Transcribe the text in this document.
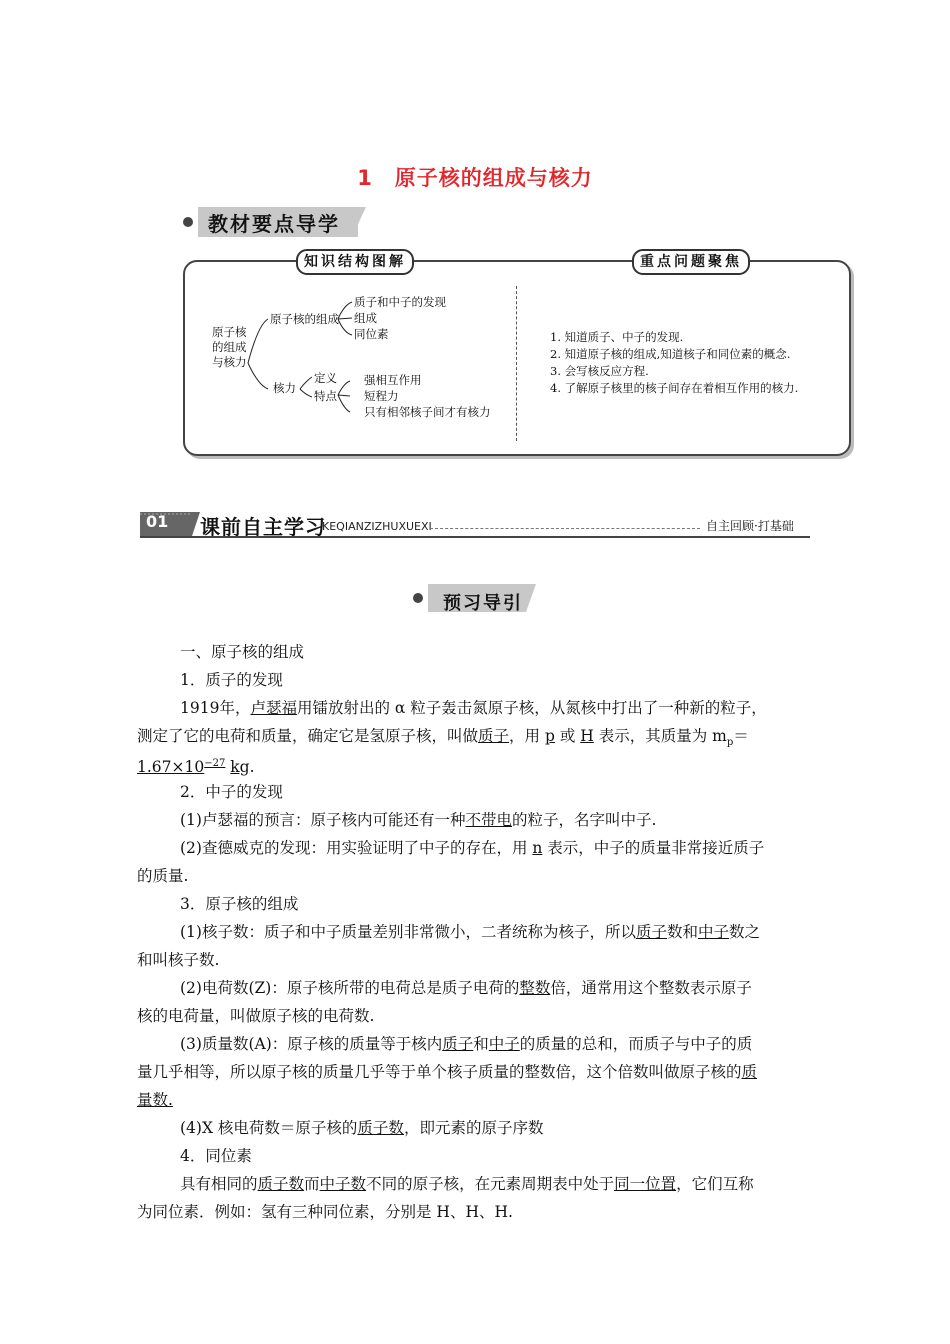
1　原子核的组成与核力
教材要点导学
知识结构图解	重点问题聚焦
原子核
的组成
与核力
原子核的组成
质子和中子的发现
组成
同位素
核力
定义
特点
强相互作用
短程力
只有相邻核子间才有核力
1. 知道质子、中子的发现.
2. 知道原子核的组成,知道核子和同位素的概念.
3. 会写核反应方程.
4. 了解原子核里的核子间存在着相互作用的核力.
01 课前自主学习
KEQIANZIZHUXUEXI	自主回顾·打基础
预习导引
一、原子核的组成
1．质子的发现
1919年，卢瑟福用镭放射出的 α 粒子轰击氮原子核，从氮核中打出了一种新的粒子，
测定了它的电荷和质量，确定它是氢原子核，叫做质子，用 p 或 H 表示，其质量为 $m_p=$
$1.67\times 10^{-27}$ kg.
2．中子的发现
(1)卢瑟福的预言：原子核内可能还有一种不带电的粒子，名字叫中子.
(2)查德威克的发现：用实验证明了中子的存在，用 n 表示，中子的质量非常接近质子
的质量.
3．原子核的组成
(1)核子数：质子和中子质量差别非常微小，二者统称为核子，所以质子数和中子数之
和叫核子数.
(2)电荷数(Z)：原子核所带的电荷总是质子电荷的整数倍，通常用这个整数表示原子
核的电荷量，叫做原子核的电荷数.
(3)质量数(A)：原子核的质量等于核内质子和中子的质量的总和，而质子与中子的质
量几乎相等，所以原子核的质量几乎等于单个核子质量的整数倍，这个倍数叫做原子核的质
量数.
(4)X 核电荷数＝原子核的质子数，即元素的原子序数
4．同位素
具有相同的质子数而中子数不同的原子核，在元素周期表中处于同一位置，它们互称
为同位素．例如：氢有三种同位素，分别是 H、H、H.
